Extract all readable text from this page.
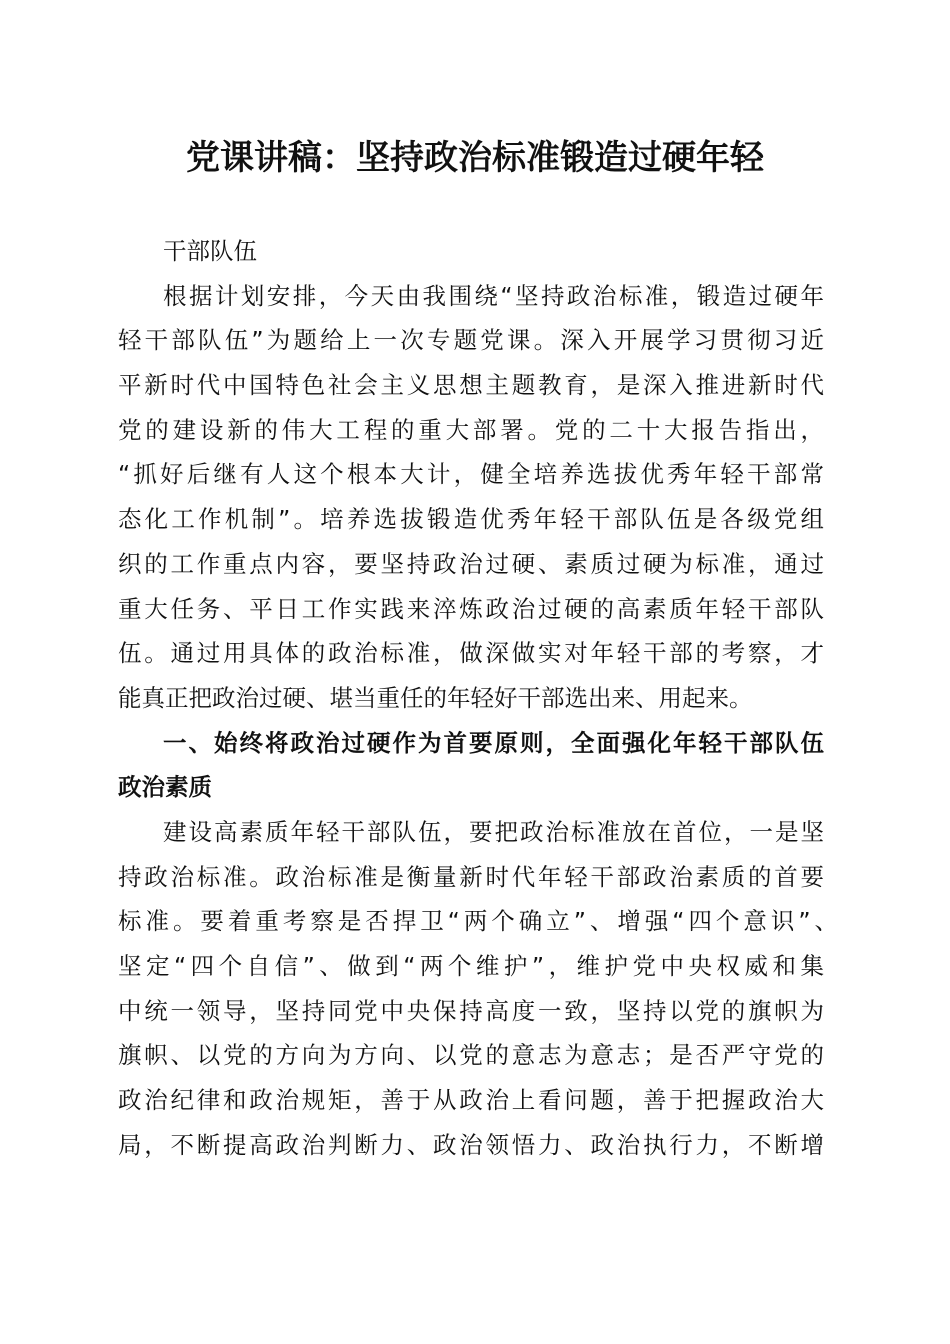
党课讲稿：坚持政治标准锻造过硬年轻
干部队伍
根据计划安排，今天由我围绕“坚持政治标准，锻造过硬年
轻干部队伍”为题给上一次专题党课。深入开展学习贯彻习近
平新时代中国特色社会主义思想主题教育，是深入推进新时代
党的建设新的伟大工程的重大部署。党的二十大报告指出，
“抓好后继有人这个根本大计，健全培养选拔优秀年轻干部常
态化工作机制”。培养选拔锻造优秀年轻干部队伍是各级党组
织的工作重点内容，要坚持政治过硬、素质过硬为标准，通过
重大任务、平日工作实践来淬炼政治过硬的高素质年轻干部队
伍。通过用具体的政治标准，做深做实对年轻干部的考察，才
能真正把政治过硬、堪当重任的年轻好干部选出来、用起来。
一、始终将政治过硬作为首要原则，全面强化年轻干部队伍
政治素质
建设高素质年轻干部队伍，要把政治标准放在首位，一是坚
持政治标准。政治标准是衡量新时代年轻干部政治素质的首要
标准。要着重考察是否捍卫“两个确立”、增强“四个意识”、
坚定“四个自信”、做到“两个维护”，维护党中央权威和集
中统一领导，坚持同党中央保持高度一致，坚持以党的旗帜为
旗帜、以党的方向为方向、以党的意志为意志；是否严守党的
政治纪律和政治规矩，善于从政治上看问题，善于把握政治大
局，不断提高政治判断力、政治领悟力、政治执行力，不断增
